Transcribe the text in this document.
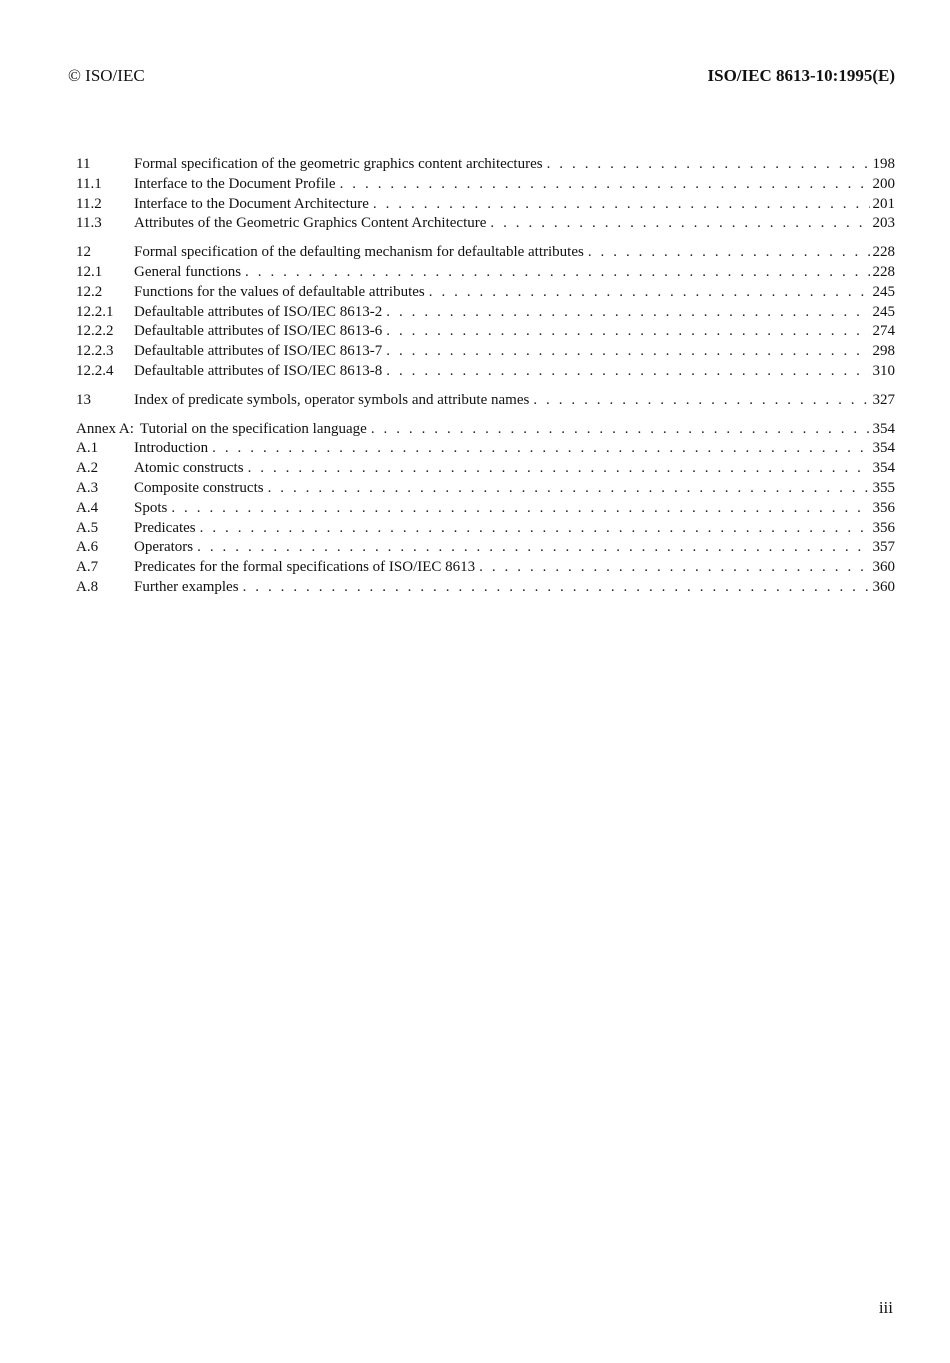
© ISO/IEC	ISO/IEC 8613-10:1995(E)
11	Formal specification of the geometric graphics content architectures . . .	198
11.1	Interface to the Document Profile . . .	200
11.2	Interface to the Document Architecture . . .	201
11.3	Attributes of the Geometric Graphics Content Architecture . . .	203
12	Formal specification of the defaulting mechanism for defaultable attributes . . .	228
12.1	General functions . . .	228
12.2	Functions for the values of defaultable attributes . . .	245
12.2.1	Defaultable attributes of ISO/IEC 8613-2 . . .	245
12.2.2	Defaultable attributes of ISO/IEC 8613-6 . . .	274
12.2.3	Defaultable attributes of ISO/IEC 8613-7 . . .	298
12.2.4	Defaultable attributes of ISO/IEC 8613-8 . . .	310
13	Index of predicate symbols, operator symbols and attribute names . . .	327
Annex A: Tutorial on the specification language . . .	354
A.1	Introduction . . .	354
A.2	Atomic constructs . . .	354
A.3	Composite constructs . . .	355
A.4	Spots . . .	356
A.5	Predicates . . .	356
A.6	Operators . . .	357
A.7	Predicates for the formal specifications of ISO/IEC 8613 . . .	360
A.8	Further examples . . .	360
iii
